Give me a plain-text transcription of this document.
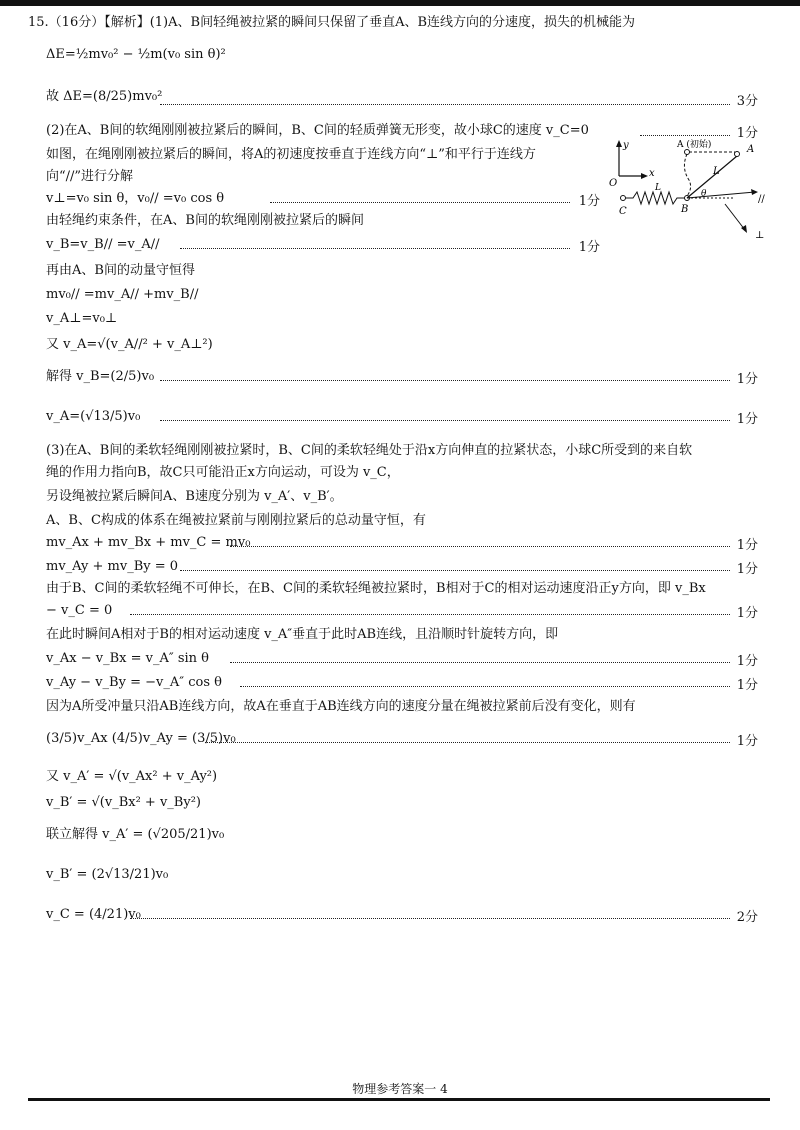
15.（16分）【解析】(1)A、B间轻绳被拉紧的瞬间只保留了垂直A、B连线方向的分速度，损失的机械能为
ΔE=½mv₀² − ½m(v₀ sin θ)²
故 ΔE=(8/25)mv₀²	3分
(2)在A、B间的软绳刚刚被拉紧后的瞬间，B、C间的轻质弹簧无形变，故小球C的速度 v_C=0	1分
如图，在绳刚刚被拉紧后的瞬间，将A的初速度按垂直于连线方向“⊥”和平行于连线方
向“//”进行分解
v⊥=v₀ sin θ，v₀// =v₀ cos θ	1分
由轻绳约束条件，在A、B间的软绳刚刚被拉紧后的瞬间
v_B=v_B// =v_A//	1分
再由A、B间的动量守恒得
mv₀// =mv_A// +mv_B//
v_A⊥=v₀⊥
又 v_A=√(v_A//² + v_A⊥²)
解得 v_B=(2/5)v₀	1分
v_A=(√13/5)v₀	1分
(3)在A、B间的柔软轻绳刚刚被拉紧时，B、C间的柔软轻绳处于沿x方向伸直的拉紧状态，小球C所受到的来自软
绳的作用力指向B，故C只可能沿正x方向运动，可设为 v_C，
另设绳被拉紧后瞬间A、B速度分别为 v_A′、v_B′。
A、B、C构成的体系在绳被拉紧前与刚刚拉紧后的总动量守恒，有
mv_Ax + mv_Bx + mv_C = mv₀	1分
mv_Ay + mv_By = 0	1分
由于B、C间的柔软轻绳不可伸长，在B、C间的柔软轻绳被拉紧时，B相对于C的相对运动速度沿正y方向，即 v_Bx
− v_C = 0	1分
在此时瞬间A相对于B的相对运动速度 v_A″垂直于此时AB连线，且沿顺时针旋转方向，即
v_Ax − v_Bx = v_A″ sin θ	1分
v_Ay − v_By = −v_A″ cos θ	1分
因为A所受冲量只沿AB连线方向，故A在垂直于AB连线方向的速度分量在绳被拉紧前后没有变化，则有
(3/5)v_Ax (4/5)v_Ay = (3/5)v₀	1分
又 v_A′ = √(v_Ax² + v_Ay²)
v_B′ = √(v_Bx² + v_By²)
联立解得 v_A′ = (√205/21)v₀
v_B′ = (2√13/21)v₀
v_C = (4/21)v₀	2分
y
x
O
C	B
L
A (初始)	A
L
θ	//
⊥
物理参考答案一 4
